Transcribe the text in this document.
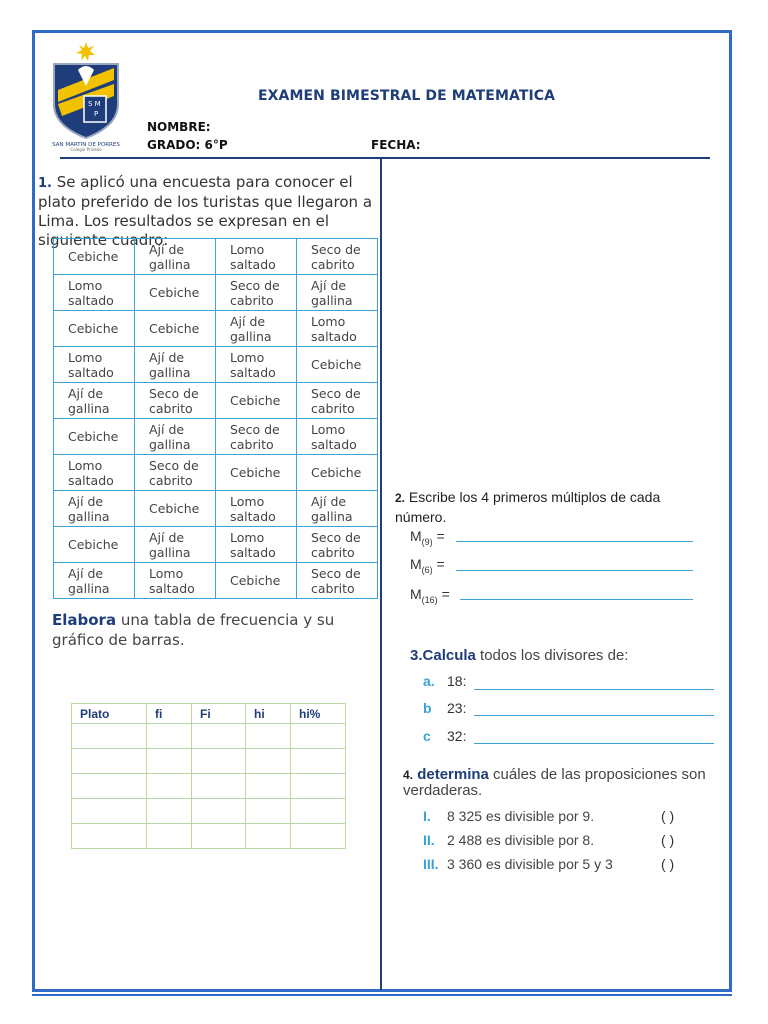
S M
P
SAN MARTIN DE PORRES
Colegio Privado
EXAMEN BIMESTRAL DE MATEMATICA
NOMBRE:
GRADO: 6°P	FECHA:
1. Se aplicó una encuesta para conocer el plato preferido de los turistas que llegaron a Lima. Los resultados se expresan en el siguiente cuadro:
Cebiche	Ají de gallina	Lomo saltado	Seco de cabrito
Lomo saltado	Cebiche	Seco de cabrito	Ají de gallina
Cebiche	Cebiche	Ají de gallina	Lomo saltado
Lomo saltado	Ají de gallina	Lomo saltado	Cebiche
Ají de gallina	Seco de cabrito	Cebiche	Seco de cabrito
Cebiche	Ají de gallina	Seco de cabrito	Lomo saltado
Lomo saltado	Seco de cabrito	Cebiche	Cebiche
Ají de gallina	Cebiche	Lomo saltado	Ají de gallina
Cebiche	Ají de gallina	Lomo saltado	Seco de cabrito
Ají de gallina	Lomo saltado	Cebiche	Seco de cabrito
Elabora una tabla de frecuencia y su gráfico de barras.
Plato	fi	Fi	hi	hi%

2. Escribe los 4 primeros múltiplos de cada número.
$M_{(9)}$ =
$M_{(6)}$ =
$M_{(16)}$ =
3.Calcula todos los divisores de:
a. 18:
b 23:
c 32:
4. determina cuáles de las proposiciones son verdaderas.
I. 8 325 es divisible por 9.	( )
II. 2 488 es divisible por 8.	( )
III. 3 360 es divisible por 5 y 3	( )
